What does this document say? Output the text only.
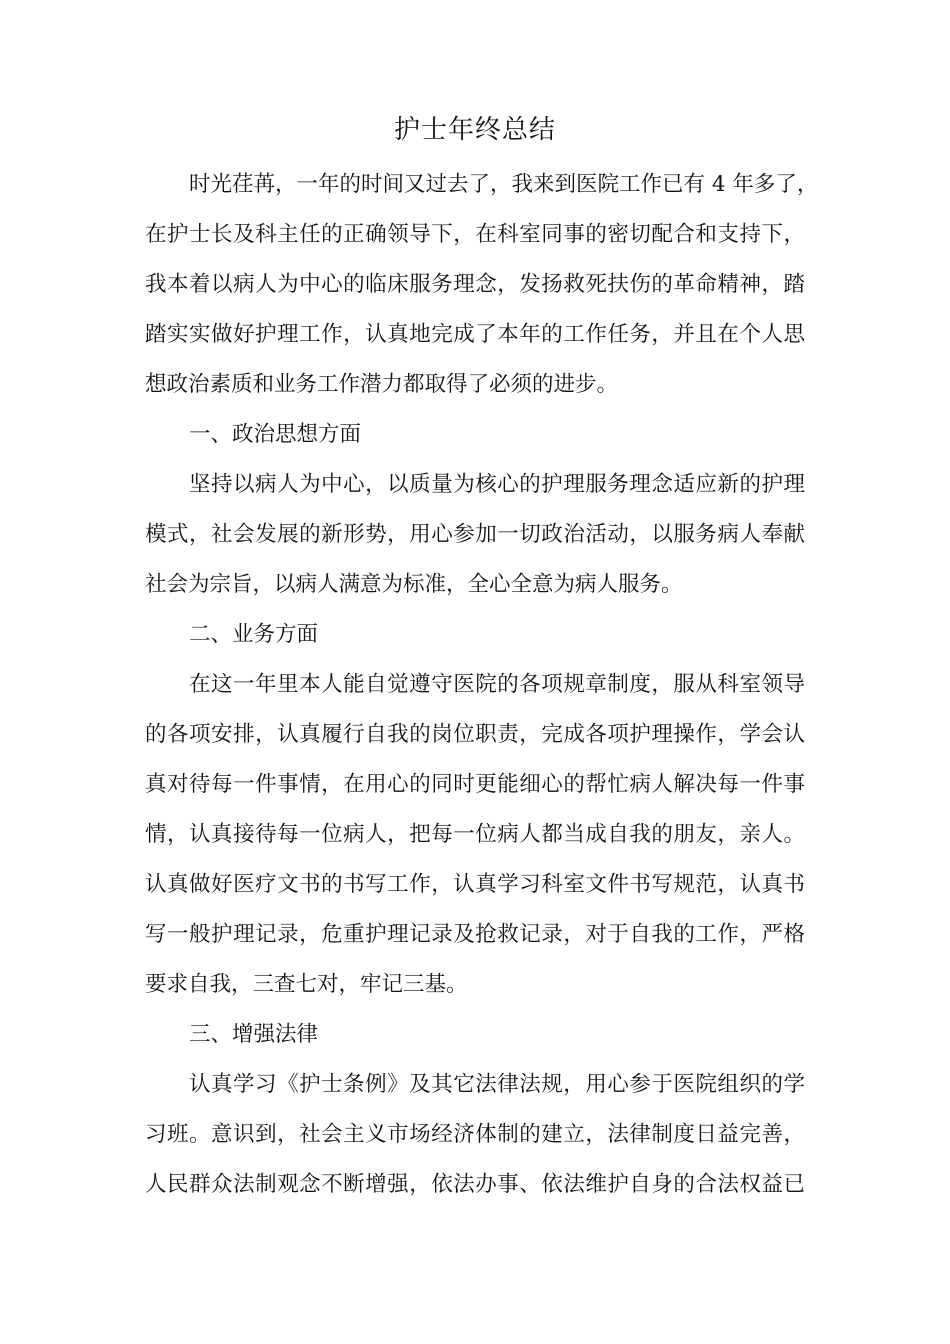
护士年终总结
时光荏苒，一年的时间又过去了，我来到医院工作已有 4 年多了，
在护士长及科主任的正确领导下，在科室同事的密切配合和支持下，
我本着以病人为中心的临床服务理念，发扬救死扶伤的革命精神，踏
踏实实做好护理工作，认真地完成了本年的工作任务，并且在个人思
想政治素质和业务工作潜力都取得了必须的进步。
一、政治思想方面
坚持以病人为中心，以质量为核心的护理服务理念适应新的护理
模式，社会发展的新形势，用心参加一切政治活动，以服务病人奉献
社会为宗旨，以病人满意为标准，全心全意为病人服务。
二、业务方面
在这一年里本人能自觉遵守医院的各项规章制度，服从科室领导
的各项安排，认真履行自我的岗位职责，完成各项护理操作，学会认
真对待每一件事情，在用心的同时更能细心的帮忙病人解决每一件事
情，认真接待每一位病人，把每一位病人都当成自我的朋友，亲人。
认真做好医疗文书的书写工作，认真学习科室文件书写规范，认真书
写一般护理记录，危重护理记录及抢救记录，对于自我的工作，严格
要求自我，三查七对，牢记三基。
三、增强法律
认真学习《护士条例》及其它法律法规，用心参于医院组织的学
习班。意识到，社会主义市场经济体制的建立，法律制度日益完善，
人民群众法制观念不断增强，依法办事、依法维护自身的合法权益已
